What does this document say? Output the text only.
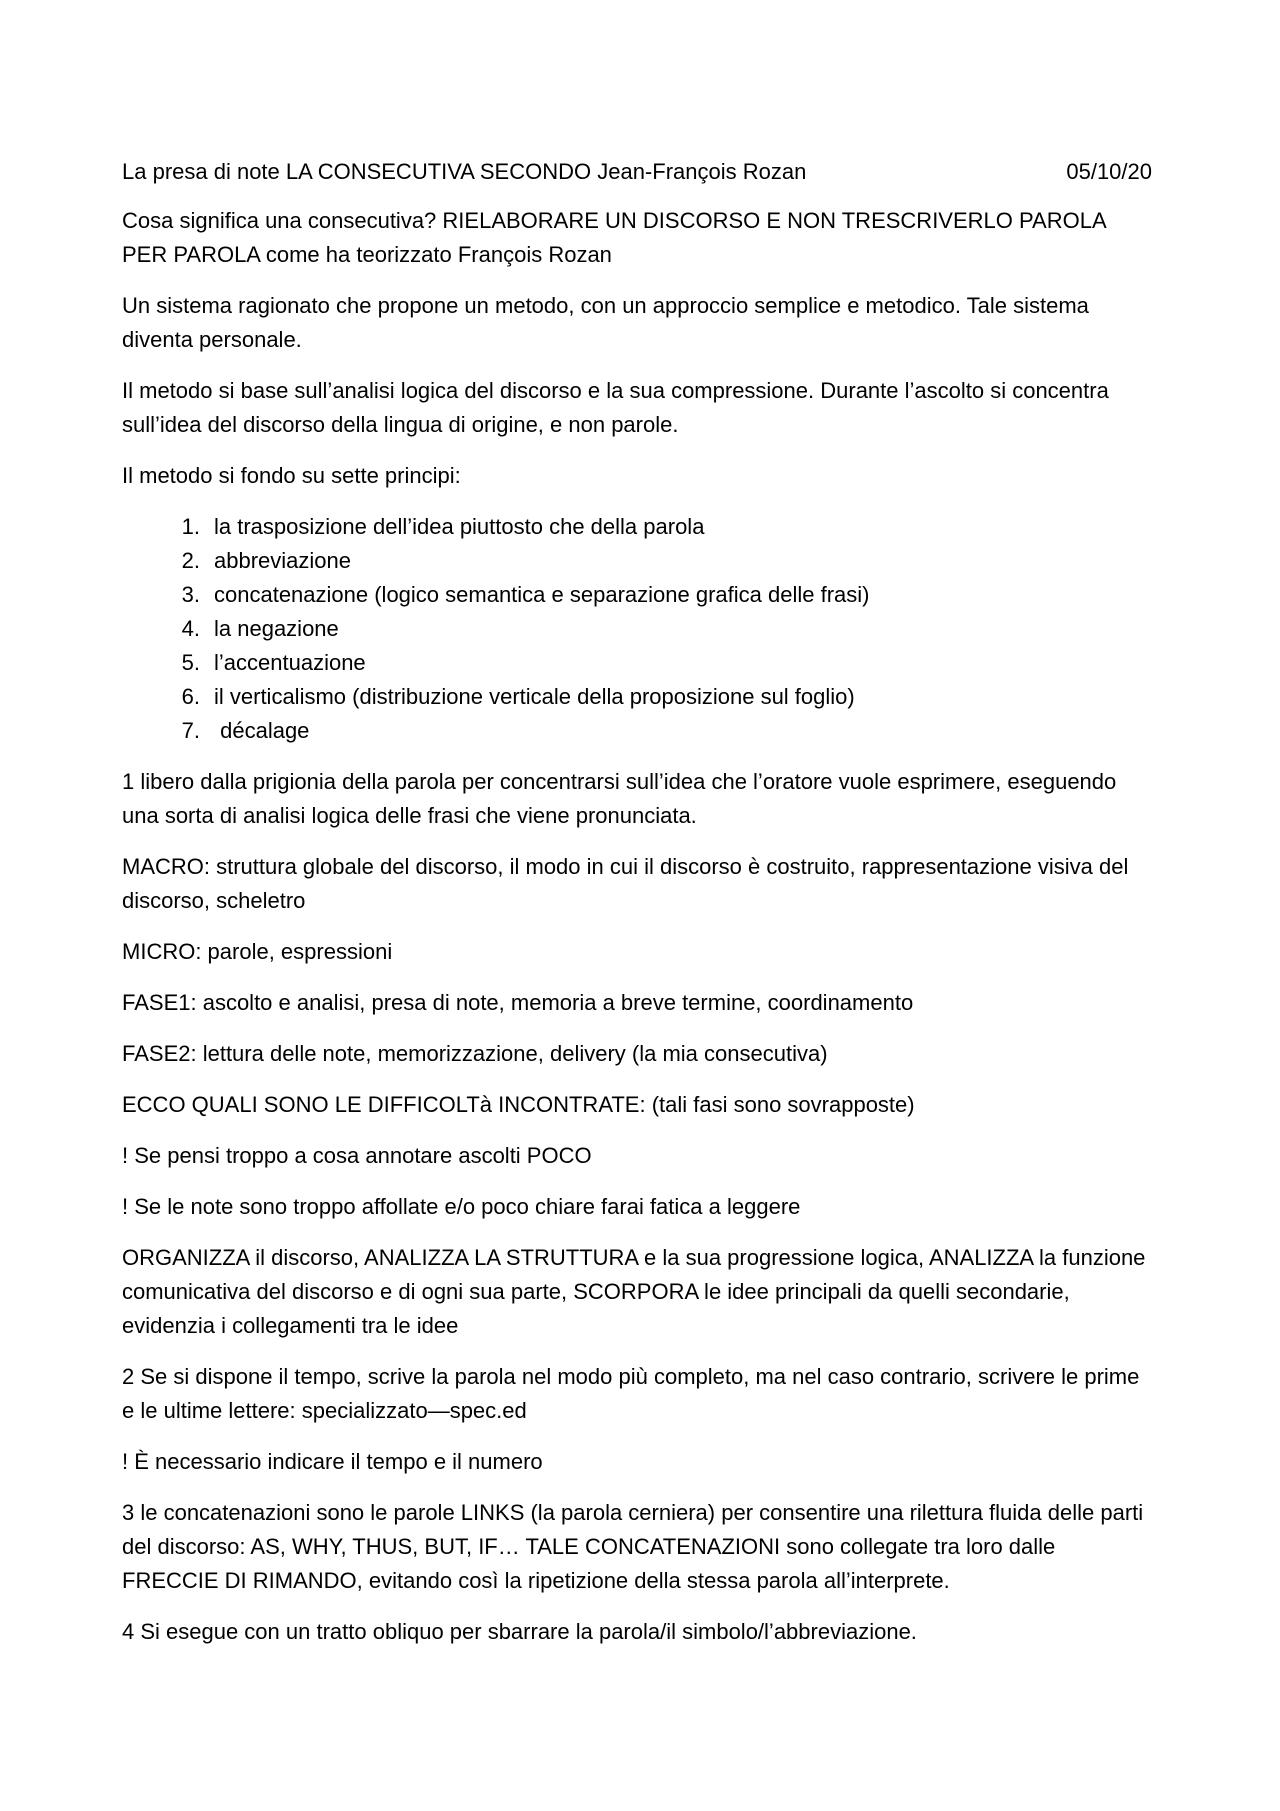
La presa di note LA CONSECUTIVA SECONDO Jean-François Rozan	05/10/20

Cosa significa una consecutiva? RIELABORARE UN DISCORSO E NON TRESCRIVERLO PAROLA PER PAROLA come ha teorizzato François Rozan

Un sistema ragionato che propone un metodo, con un approccio semplice e metodico. Tale sistema diventa personale.

Il metodo si base sull’analisi logica del discorso e la sua compressione. Durante l’ascolto si concentra sull’idea del discorso della lingua di origine, e non parole.

Il metodo si fondo su sette principi:

1. la trasposizione dell’idea piuttosto che della parola
2. abbreviazione
3. concatenazione (logico semantica e separazione grafica delle frasi)
4. la negazione
5. l’accentuazione
6. il verticalismo (distribuzione verticale della proposizione sul foglio)
7. décalage

1 libero dalla prigionia della parola per concentrarsi sull’idea che l’oratore vuole esprimere, eseguendo una sorta di analisi logica delle frasi che viene pronunciata.

MACRO: struttura globale del discorso, il modo in cui il discorso è costruito, rappresentazione visiva del discorso, scheletro

MICRO: parole, espressioni

FASE1: ascolto e analisi, presa di note, memoria a breve termine, coordinamento

FASE2: lettura delle note, memorizzazione, delivery (la mia consecutiva)

ECCO QUALI SONO LE DIFFICOLTà INCONTRATE: (tali fasi sono sovrapposte)

! Se pensi troppo a cosa annotare ascolti POCO

! Se le note sono troppo affollate e/o poco chiare farai fatica a leggere

ORGANIZZA il discorso, ANALIZZA LA STRUTTURA e la sua progressione logica, ANALIZZA la funzione comunicativa del discorso e di ogni sua parte, SCORPORA le idee principali da quelli secondarie, evidenzia i collegamenti tra le idee

2 Se si dispone il tempo, scrive la parola nel modo più completo, ma nel caso contrario, scrivere le prime e le ultime lettere: specializzato—spec.ed

! È necessario indicare il tempo e il numero

3 le concatenazioni sono le parole LINKS (la parola cerniera) per consentire una rilettura fluida delle parti del discorso: AS, WHY, THUS, BUT, IF… TALE CONCATENAZIONI sono collegate tra loro dalle FRECCIE DI RIMANDO, evitando così la ripetizione della stessa parola all’interprete.

4 Si esegue con un tratto obliquo per sbarrare la parola/il simbolo/l’abbreviazione.
